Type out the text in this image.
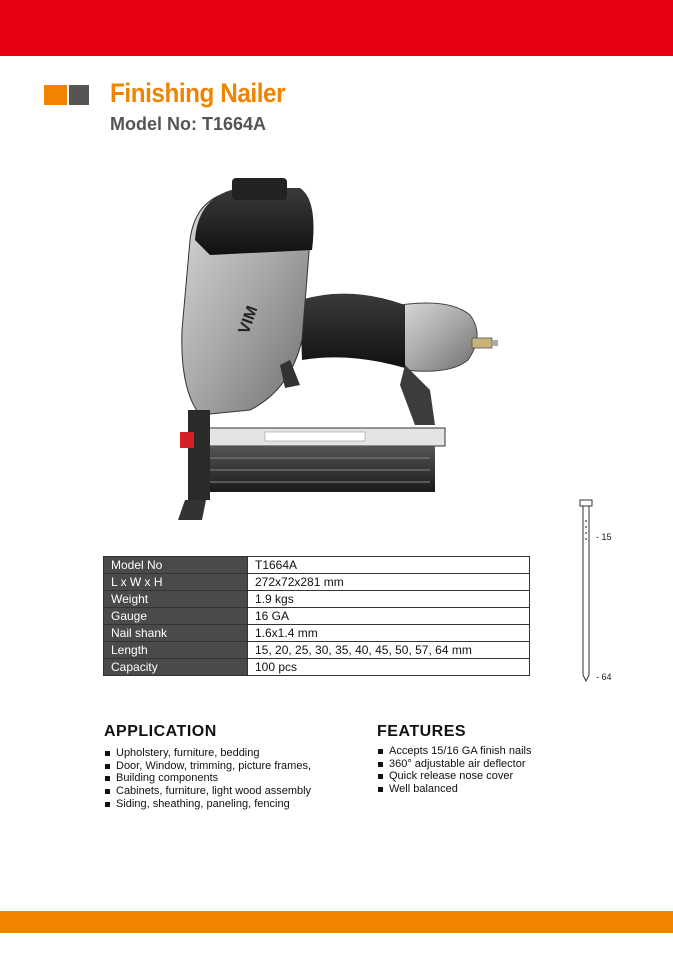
Finishing Nailer
Model No: T1664A
VIM
Model No	T1664A
L x W x H	272x72x281 mm
Weight	1.9 kgs
Gauge	16 GA
Nail shank	1.6x1.4 mm
Length	15, 20, 25, 30, 35, 40, 45, 50, 57, 64 mm
Capacity	100 pcs
- 15
- 64
APPLICATION
Upholstery, furniture, bedding
Door, Window, trimming, picture frames,
Building components
Cabinets, furniture, light wood assembly
Siding, sheathing, paneling, fencing
FEATURES
Accepts 15/16 GA finish nails
360° adjustable air deflector
Quick release nose cover
Well balanced
